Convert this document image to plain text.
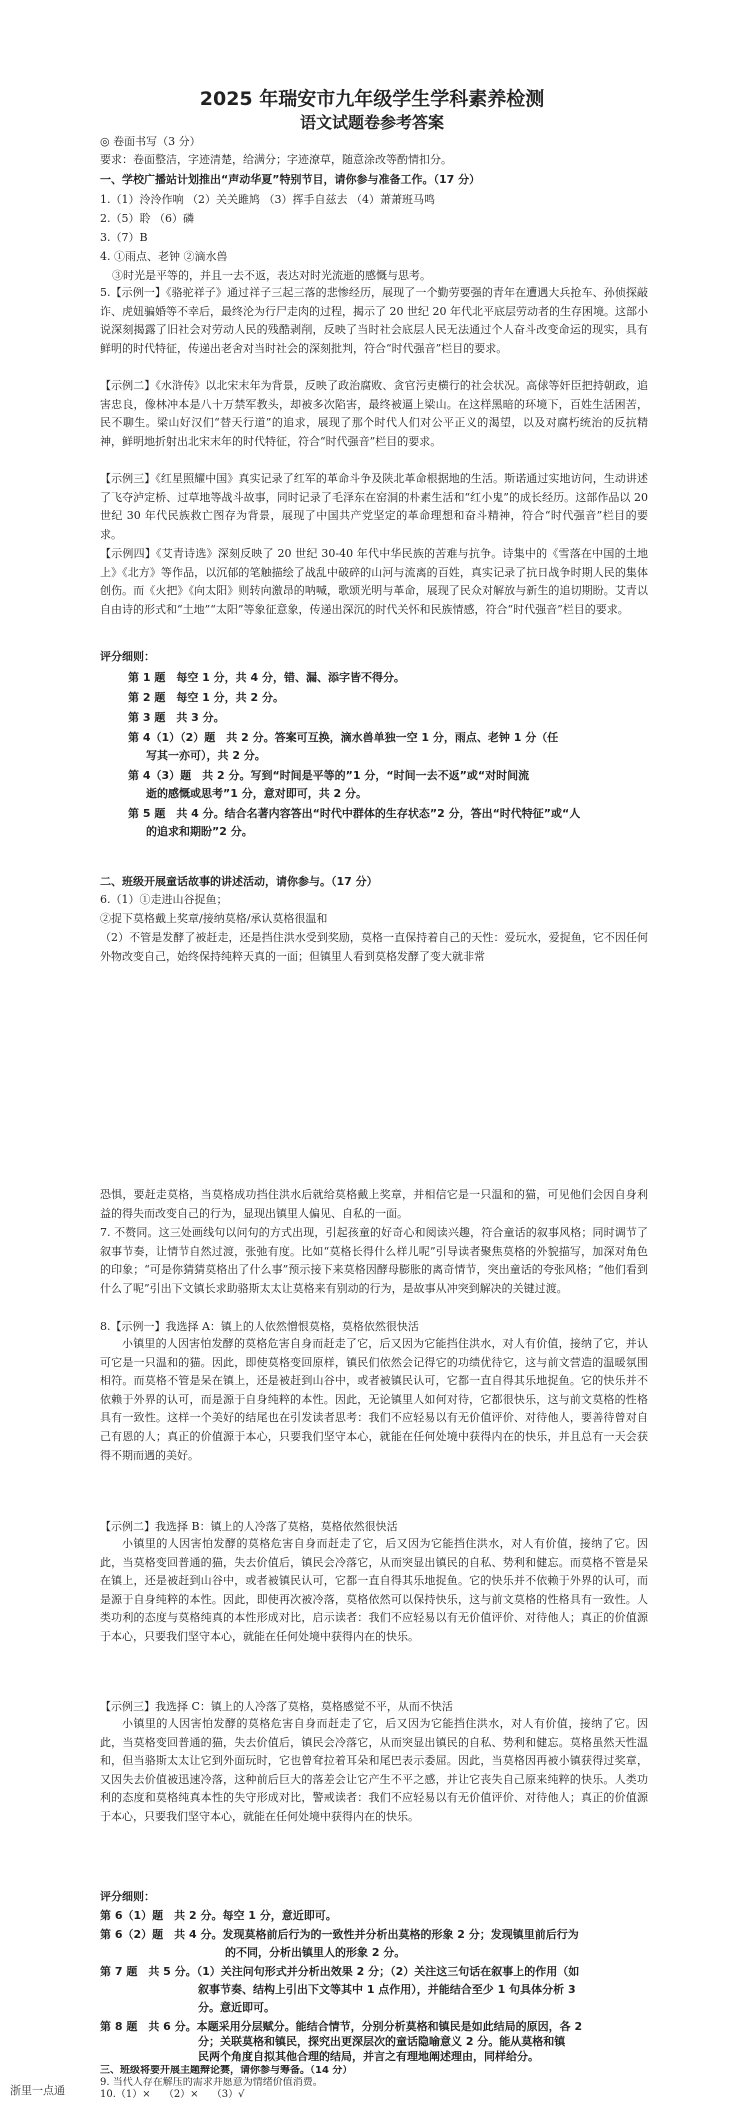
2025 年瑞安市九年级学生学科素养检测
语文试题卷参考答案
◎ 卷面书写（3 分）
要求：卷面整洁，字迹清楚，给满分；字迹潦草，随意涂改等酌情扣分。
一、学校广播站计划推出“声动华夏”特别节目，请你参与准备工作。（17 分）
1.（1）泠泠作响 （2）关关雎鸠 （3）挥手自兹去 （4）萧萧班马鸣
2.（5）聆 （6）磷
3.（7）B
4. ①雨点、老钟 ②滴水兽
③时光是平等的，并且一去不返，表达对时光流逝的感慨与思考。
5.【示例一】《骆驼祥子》通过祥子三起三落的悲惨经历，展现了一个勤劳要强的青年在遭遇大兵抢车、孙侦探敲诈、虎妞骗婚等不幸后，最终沦为行尸走肉的过程，揭示了 20 世纪 20 年代北平底层劳动者的生存困境。这部小说深刻揭露了旧社会对劳动人民的残酷剥削，反映了当时社会底层人民无法通过个人奋斗改变命运的现实，具有鲜明的时代特征，传递出老舍对当时社会的深刻批判，符合“时代强音”栏目的要求。
【示例二】《水浒传》以北宋末年为背景，反映了政治腐败、贪官污吏横行的社会状况。高俅等奸臣把持朝政，追害忠良，像林冲本是八十万禁军教头，却被多次陷害，最终被逼上梁山。在这样黑暗的环境下，百姓生活困苦，民不聊生。梁山好汉们“替天行道”的追求，展现了那个时代人们对公平正义的渴望，以及对腐朽统治的反抗精神，鲜明地折射出北宋末年的时代特征，符合“时代强音”栏目的要求。
【示例三】《红星照耀中国》真实记录了红军的革命斗争及陕北革命根据地的生活。斯诺通过实地访问，生动讲述了飞夺泸定桥、过草地等战斗故事，同时记录了毛泽东在窑洞的朴素生活和“红小鬼”的成长经历。这部作品以 20 世纪 30 年代民族救亡图存为背景，展现了中国共产党坚定的革命理想和奋斗精神，符合“时代强音”栏目的要求。
【示例四】《艾青诗选》深刻反映了 20 世纪 30-40 年代中华民族的苦难与抗争。诗集中的《雪落在中国的土地上》《北方》等作品，以沉郁的笔触描绘了战乱中破碎的山河与流离的百姓，真实记录了抗日战争时期人民的集体创伤。而《火把》《向太阳》则转向激昂的呐喊，歌颂光明与革命，展现了民众对解放与新生的追切期盼。艾青以自由诗的形式和“土地”“太阳”等象征意象，传递出深沉的时代关怀和民族情感，符合“时代强音”栏目的要求。
评分细则：
第 1 题　每空 1 分，共 4 分，错、漏、添字皆不得分。
第 2 题　每空 1 分，共 2 分。
第 3 题　共 3 分。
第 4（1）（2）题　共 2 分。答案可互换，滴水兽单独一空 1 分，雨点、老钟 1 分（任
写其一亦可），共 2 分。
第 4（3）题　共 2 分。写到“时间是平等的”1 分，“时间一去不返”或“对时间流
逝的感慨或思考”1 分，意对即可，共 2 分。
第 5 题　共 4 分。结合名著内容答出“时代中群体的生存状态”2 分，答出“时代特征”或“人
的追求和期盼”2 分。
二、班级开展童话故事的讲述活动，请你参与。（17 分）
6.（1）①走进山谷捉鱼；
②捉下莫格戴上奖章/接纳莫格/承认莫格很温和
（2）不管是发酵了被赶走，还是挡住洪水受到奖励，莫格一直保持着自己的天性：爱玩水，爱捉鱼，它不因任何外物改变自己，始终保持纯粹天真的一面；但镇里人看到莫格发酵了变大就非常
恐惧，要赶走莫格，当莫格成功挡住洪水后就给莫格戴上奖章，并相信它是一只温和的猫，可见他们会因自身利益的得失而改变自己的行为，显现出镇里人偏见、自私的一面。
7. 不赘同。这三处画线句以问句的方式出现，引起孩童的好奇心和阅读兴趣，符合童话的叙事风格；同时调节了叙事节奏，让情节自然过渡，张弛有度。比如“莫格长得什么样儿呢”引导读者聚焦莫格的外貌描写，加深对角色的印象；“可是你猜猜莫格出了什么事”预示接下来莫格因酵母膨胀的离奇情节，突出童话的夸张风格；“他们看到什么了呢”引出下文镇长求助骆斯太太让莫格来有别动的行为，是故事从冲突到解决的关键过渡。
8.【示例一】我选择 A：镇上的人依然憎恨莫格，莫格依然很快活
小镇里的人因害怕发酵的莫格危害自身而赶走了它，后又因为它能挡住洪水，对人有价值，接纳了它，并认可它是一只温和的猫。因此，即使莫格变回原样，镇民们依然会记得它的功绩优待它，这与前文营造的温暖氛围相符。而莫格不管是呆在镇上，还是被赶到山谷中，或者被镇民认可，它都一直自得其乐地捉鱼。它的快乐并不依赖于外界的认可，而是源于自身纯粹的本性。因此，无论镇里人如何对待，它都很快乐，这与前文莫格的性格具有一致性。这样一个美好的结尾也在引发读者思考：我们不应轻易以有无价值评价、对待他人，要善待曾对自己有恩的人；真正的价值源于本心，只要我们坚守本心，就能在任何处境中获得内在的快乐，并且总有一天会获得不期而遇的美好。
【示例二】我选择 B：镇上的人冷落了莫格，莫格依然很快活
小镇里的人因害怕发酵的莫格危害自身而赶走了它，后又因为它能挡住洪水，对人有价值，接纳了它。因此，当莫格变回普通的猫，失去价值后，镇民会冷落它，从而突显出镇民的自私、势利和健忘。而莫格不管是呆在镇上，还是被赶到山谷中，或者被镇民认可，它都一直自得其乐地捉鱼。它的快乐并不依赖于外界的认可，而是源于自身纯粹的本性。因此，即使再次被冷落，莫格依然可以保持快乐，这与前文莫格的性格具有一致性。人类功利的态度与莫格纯真的本性形成对比，启示读者：我们不应轻易以有无价值评价、对待他人；真正的价值源于本心，只要我们坚守本心，就能在任何处境中获得内在的快乐。
【示例三】我选择 C：镇上的人冷落了莫格，莫格感觉不平，从而不快活
小镇里的人因害怕发酵的莫格危害自身而赶走了它，后又因为它能挡住洪水，对人有价值，接纳了它。因此，当莫格变回普通的猫，失去价值后，镇民会冷落它，从而突显出镇民的自私、势利和健忘。莫格虽然天性温和，但当骆斯太太让它到外面玩时，它也曾耷拉着耳朵和尾巴表示委屈。因此，当莫格因再被小镇获得过奖章，又因失去价值被迅速冷落，这种前后巨大的落差会让它产生不平之感，并让它丧失自己原来纯粹的快乐。人类功利的态度和莫格纯真本性的失守形成对比，警戒读者：我们不应轻易以有无价值评价、对待他人；真正的价值源于本心，只要我们坚守本心，就能在任何处境中获得内在的快乐。
评分细则：
第 6（1）题　共 2 分。每空 1 分，意近即可。
第 6（2）题　共 4 分。发现莫格前后行为的一致性并分析出莫格的形象 2 分；发现镇里前后行为
的不同，分析出镇里人的形象 2 分。
第 7 题　共 5 分。（1）关注问句形式并分析出效果 2 分；（2）关注这三句话在叙事上的作用（如
叙事节奏、结构上引出下文等其中 1 点作用），并能结合至少 1 句具体分析 3
分。意近即可。
第 8 题　共 6 分。本题采用分层赋分。能结合情节，分别分析莫格和镇民是如此结局的原因，各 2
分；关联莫格和镇民，探究出更深层次的童话隐喻意义 2 分。能从莫格和镇
民两个角度自拟其他合理的结局，并言之有理地阐述理由，同样给分。
三、班级将要开展主题辩论赛，请你参与筹备。（14 分）
9. 当代人存在解压的需求并愿意为情绪价值消费。
10.（1）×　 （2）×　 （3）√
浙里一点通
